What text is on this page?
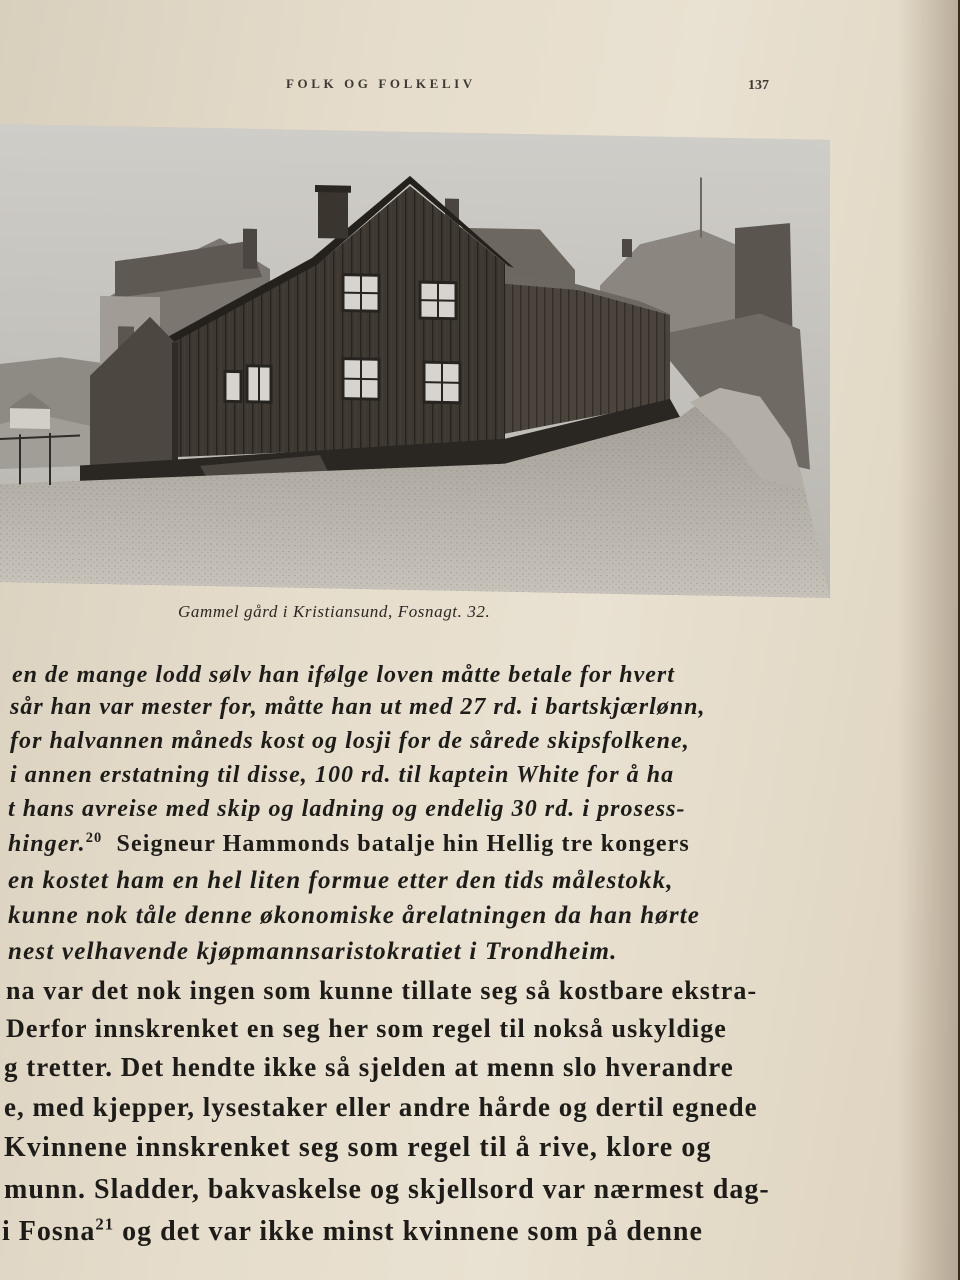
FOLK OG FOLKELIV	137
Gammel gård i Kristiansund, Fosnagt. 32.
en de mange lodd sølv han ifølge loven måtte betale for hvert
sår han var mester for, måtte han ut med 27 rd. i bartskjærlønn,
for halvannen måneds kost og losji for de sårede skipsfolkene,
i annen erstatning til disse, 100 rd. til kaptein White for å ha
t hans avreise med skip og ladning og endelig 30 rd. i prosess-
hinger.$^{20}$ Seigneur Hammonds batalje hin Hellig tre kongers
en kostet ham en hel liten formue etter den tids målestokk,
kunne nok tåle denne økonomiske årelatningen da han hørte
nest velhavende kjøpmannsaristokratiet i Trondheim.
na var det nok ingen som kunne tillate seg så kostbare ekstra-
Derfor innskrenket en seg her som regel til nokså uskyldige
g tretter. Det hendte ikke så sjelden at menn slo hverandre
e, med kjepper, lysestaker eller andre hårde og dertil egnede
Kvinnene innskrenket seg som regel til å rive, klore og
munn. Sladder, bakvaskelse og skjellsord var nærmest dag-
i Fosna$^{21}$ og det var ikke minst kvinnene som på denne
